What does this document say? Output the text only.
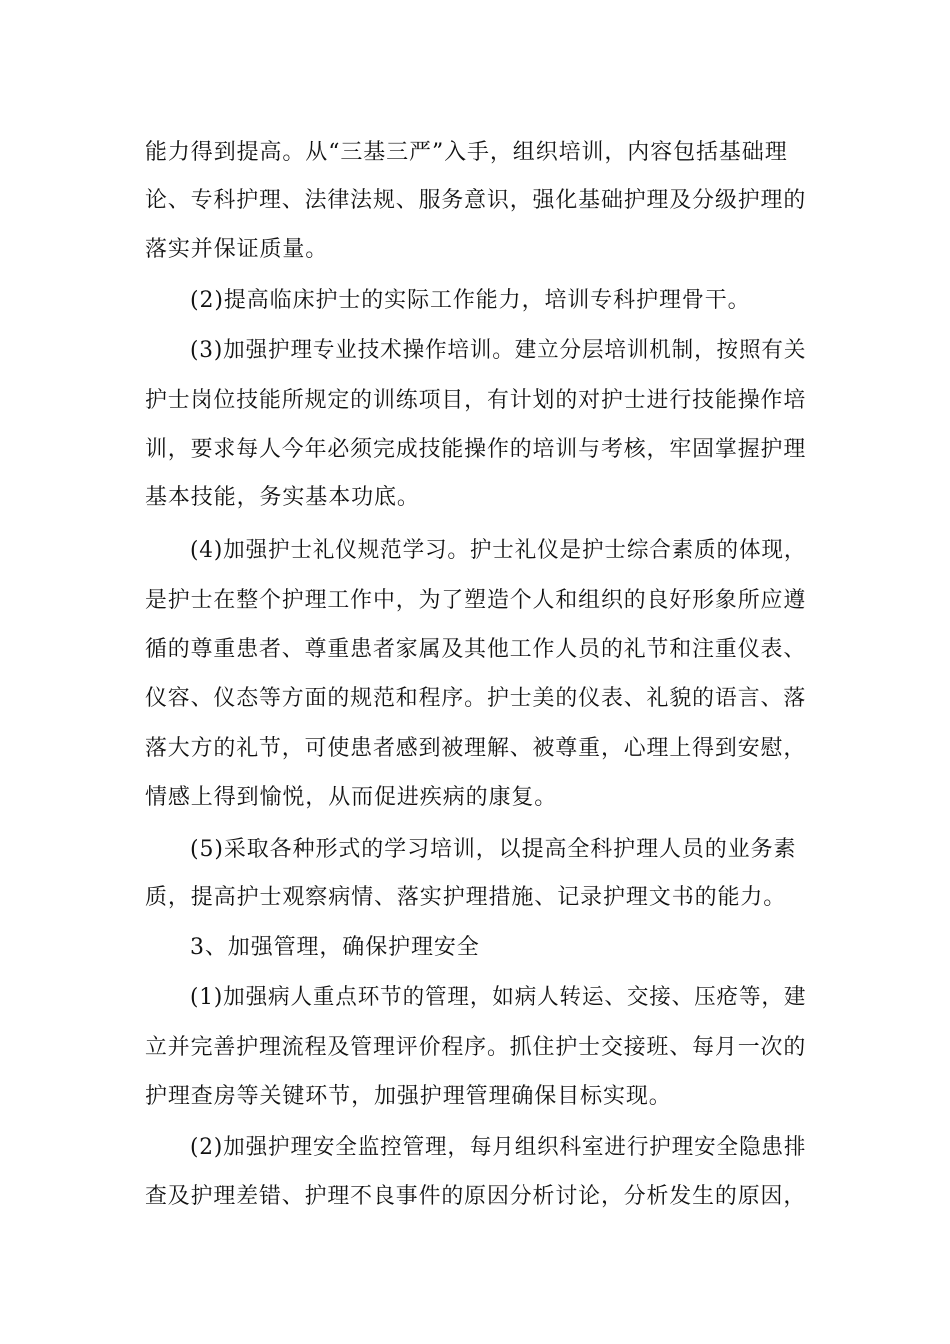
能力得到提高。从“三基三严”入手，组织培训，内容包括基础理
论、专科护理、法律法规、服务意识，强化基础护理及分级护理的
落实并保证质量。
(2)提高临床护士的实际工作能力，培训专科护理骨干。
(3)加强护理专业技术操作培训。建立分层培训机制，按照有关
护士岗位技能所规定的训练项目，有计划的对护士进行技能操作培
训，要求每人今年必须完成技能操作的培训与考核，牢固掌握护理
基本技能，务实基本功底。
(4)加强护士礼仪规范学习。护士礼仪是护士综合素质的体现，
是护士在整个护理工作中，为了塑造个人和组织的良好形象所应遵
循的尊重患者、尊重患者家属及其他工作人员的礼节和注重仪表、
仪容、仪态等方面的规范和程序。护士美的仪表、礼貌的语言、落
落大方的礼节，可使患者感到被理解、被尊重，心理上得到安慰，
情感上得到愉悦，从而促进疾病的康复。
(5)采取各种形式的学习培训，以提高全科护理人员的业务素
质，提高护士观察病情、落实护理措施、记录护理文书的能力。
3、加强管理，确保护理安全
(1)加强病人重点环节的管理，如病人转运、交接、压疮等，建
立并完善护理流程及管理评价程序。抓住护士交接班、每月一次的
护理查房等关键环节，加强护理管理确保目标实现。
(2)加强护理安全监控管理，每月组织科室进行护理安全隐患排
查及护理差错、护理不良事件的原因分析讨论，分析发生的原因，
